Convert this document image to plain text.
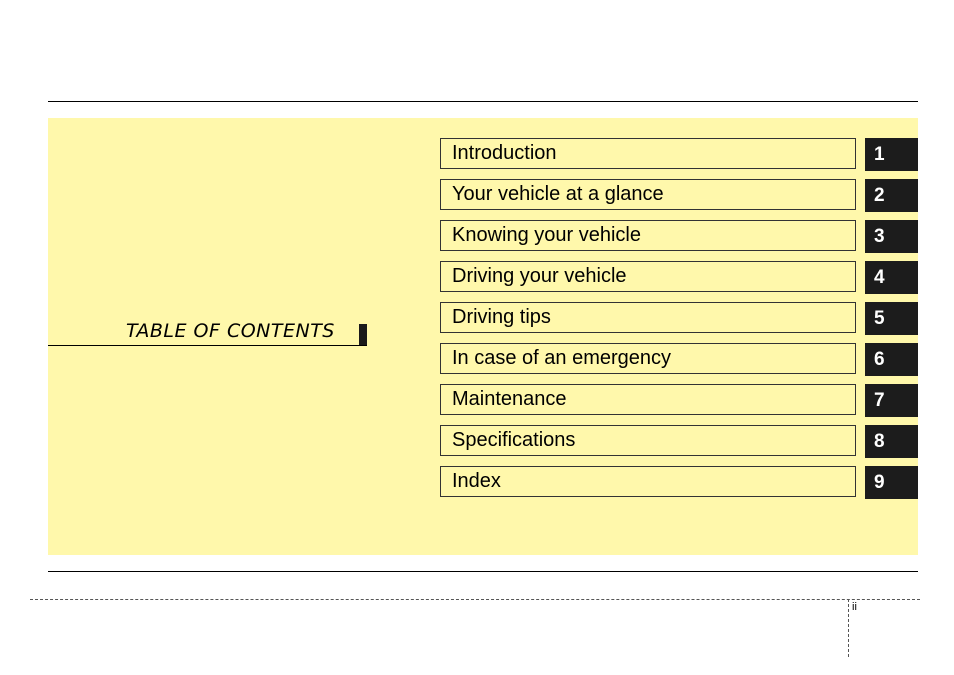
TABLE OF CONTENTS
Introduction	1
Your vehicle at a glance	2
Knowing your vehicle	3
Driving your vehicle	4
Driving tips	5
In case of an emergency	6
Maintenance	7
Specifications	8
Index	9
ii
